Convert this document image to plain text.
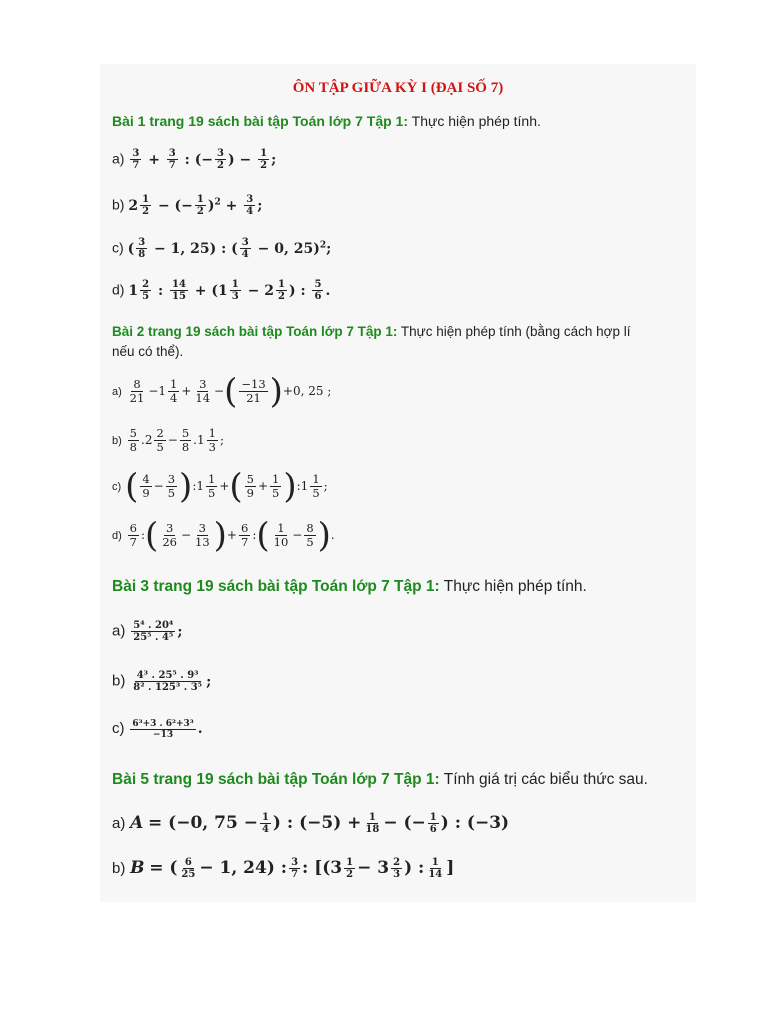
ÔN TẬP GIỮA KỲ I (ĐẠI SỐ 7)
Bài 1 trang 19 sách bài tập Toán lớp 7 Tập 1: Thực hiện phép tính.
$a) \frac{3}{7} + \frac{3}{7}$ : (− $\frac{3}{2}$ ) − $\frac{1}{2}$ ;
b) $2 \frac{1}{2}$ − (− $\frac{1}{2} )^2 + \frac{3}{4}$ ;
c) ( $\frac{3}{8} - 1$, 25) : ( $\frac{3}{4} - 0$, 25)$^2$;
d) $1 \frac{2}{5}$ : $\frac{14}{15} + (1 \frac{1}{3} - 2 \frac{1}{2}$ ) : $\frac{5}{6}$ .
Bài 2 trang 19 sách bài tập Toán lớp 7 Tập 1: Thực hiện phép tính (bằng cách hợp lí nếu có thể).
$a) \frac{8}{21} -1 \frac{1}{4} + \frac{3}{14}$ −( $\frac{-13}{21} )+0$, 25 ;
$b) \frac{5}{8} .2 \frac{2}{5} - \frac{5}{8} .1 \frac{1}{3}$ ;
c) ( $\frac{4}{9} - \frac{3}{5}$ ):1 $\frac{1}{5}$ +( $\frac{5}{9} + \frac{1}{5}$ ):1 $\frac{1}{5}$ ;
$d) \frac{6}{7}$ :( $\frac{3}{26} - \frac{3}{13}$ )+ $\frac{6}{7}$ :( $\frac{1}{10} - \frac{8}{5}$ ).
Bài 3 trang 19 sách bài tập Toán lớp 7 Tập 1: Thực hiện phép tính.
$a) \frac{\text{5⁴ . 20⁴}}{\text{25⁵ . 4⁵}}$ ;
$b) \frac{\text{4³ . 25⁵ . 9³}}{\text{8² . 125³ . 3⁵}}$ ;
$c) \frac{\text{6³+3 . 6²+3³}}{-13}$ .
Bài 5 trang 19 sách bài tập Toán lớp 7 Tập 1: Tính giá trị các biểu thức sau.
a) A = (−0, $75 - \frac{1}{4}$ ) : $(-5) + \frac{1}{18}$ − (− $\frac{1}{6}$ ) : (−3)
b) B = ( $\frac{6}{25} - 1$, 24) : $\frac{3}{7}$ : [($3 \frac{1}{2} - 3 \frac{2}{3}$ ) : $\frac{1}{14}$ ]
